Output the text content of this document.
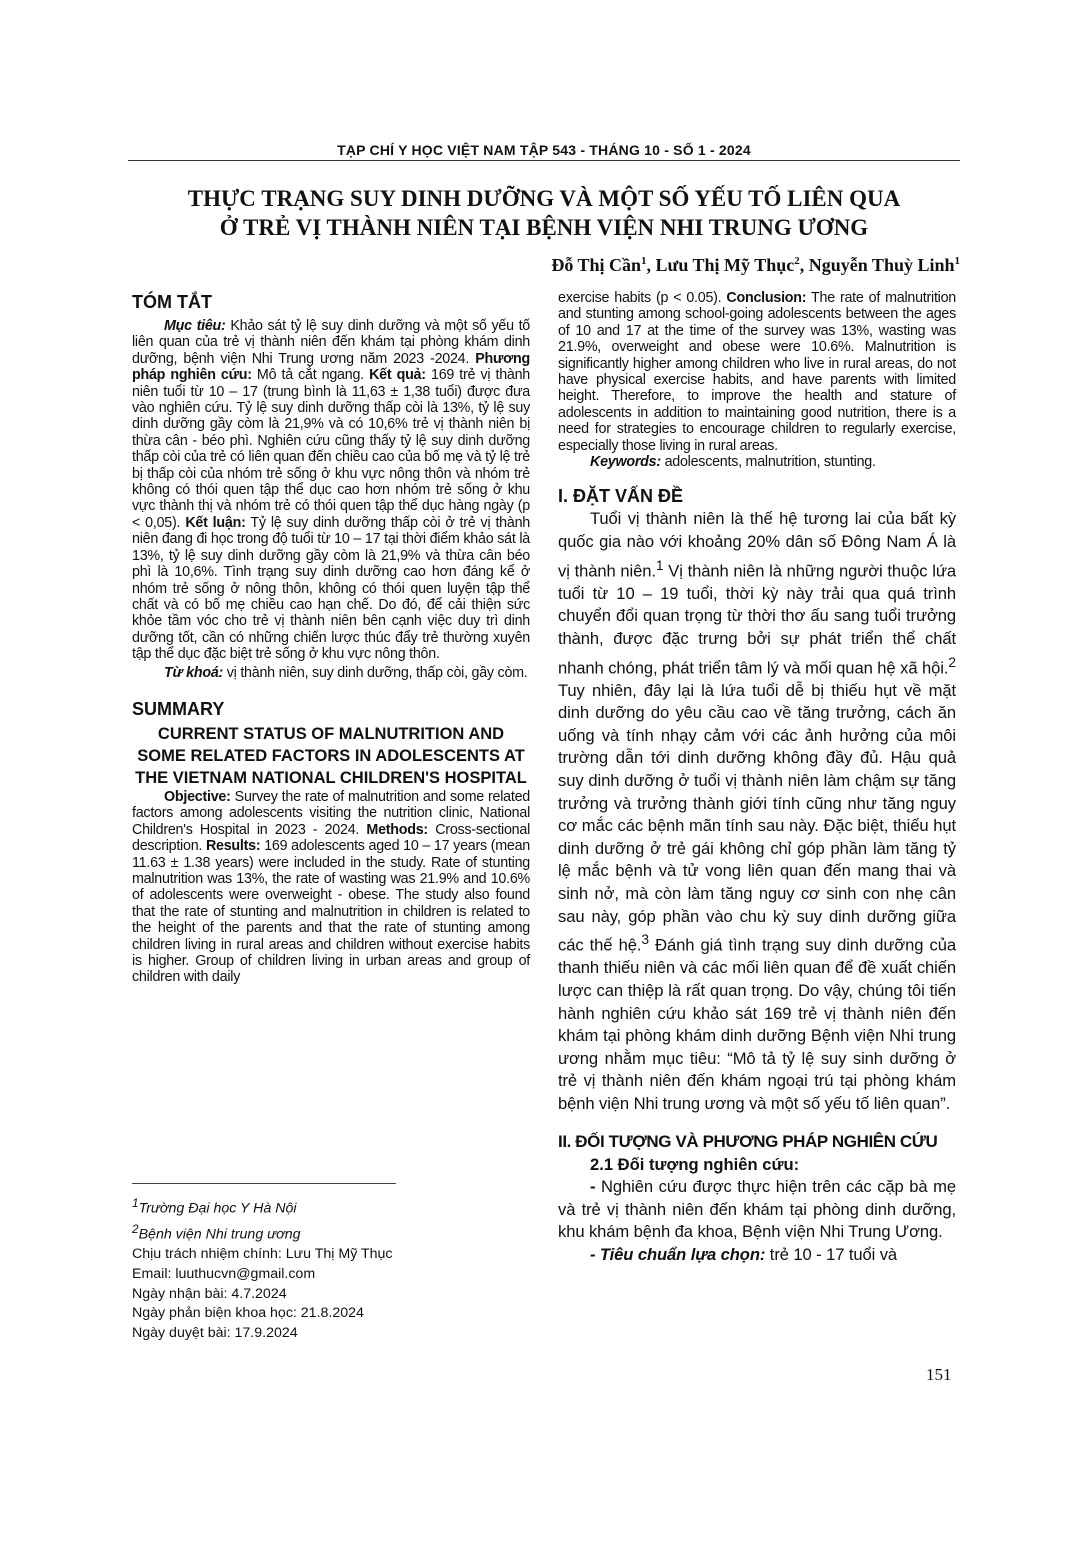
TẠP CHÍ Y HỌC VIỆT NAM TẬP 543 - THÁNG 10 - SỐ 1 - 2024
THỰC TRẠNG SUY DINH DƯỠNG VÀ MỘT SỐ YẾU TỐ LIÊN QUA
Ở TRẺ VỊ THÀNH NIÊN TẠI BỆNH VIỆN NHI TRUNG ƯƠNG
Đỗ Thị Cần$^1$, Lưu Thị Mỹ Thục$^2$, Nguyễn Thuỳ Linh$^1$
TÓM TẮT

Mục tiêu: Khảo sát tỷ lệ suy dinh dưỡng và một số yếu tố liên quan của trẻ vị thành niên đến khám tại phòng khám dinh dưỡng, bệnh viện Nhi Trung ương năm 2023 -2024. Phương pháp nghiên cứu: Mô tả cắt ngang. Kết quả: 169 trẻ vị thành niên tuổi từ 10 – 17 (trung bình là 11,63 ± 1,38 tuổi) được đưa vào nghiên cứu. Tỷ lệ suy dinh dưỡng thấp còi là 13%, tỷ lệ suy dinh dưỡng gầy còm là 21,9% và có 10,6% trẻ vị thành niên bị thừa cân - béo phì. Nghiên cứu cũng thấy tỷ lệ suy dinh dưỡng thấp còi của trẻ có liên quan đến chiều cao của bố mẹ và tỷ lệ trẻ bị thấp còi của nhóm trẻ sống ở khu vực nông thôn và nhóm trẻ không có thói quen tập thể dục cao hơn nhóm trẻ sống ở khu vực thành thị và nhóm trẻ có thói quen tập thể dục hàng ngày (p < 0,05). Kết luận: Tỷ lệ suy dinh dưỡng thấp còi ở trẻ vị thành niên đang đi học trong độ tuổi từ 10 – 17 tại thời điểm khảo sát là 13%, tỷ lệ suy dinh dưỡng gầy còm là 21,9% và thừa cân béo phì là 10,6%. Tình trạng suy dinh dưỡng cao hơn đáng kể ở nhóm trẻ sống ở nông thôn, không có thói quen luyện tập thể chất và có bố mẹ chiều cao hạn chế. Do đó, để cải thiện sức khỏe tầm vóc cho trẻ vị thành niên bên cạnh việc duy trì dinh dưỡng tốt, cần có những chiến lược thúc đẩy trẻ thường xuyên tập thể dục đặc biệt trẻ sống ở khu vực nông thôn.

Từ khoá: vị thành niên, suy dinh dưỡng, thấp còi, gầy còm.

SUMMARY
CURRENT STATUS OF MALNUTRITION AND SOME RELATED FACTORS IN ADOLESCENTS AT THE VIETNAM NATIONAL CHILDREN'S HOSPITAL

Objective: Survey the rate of malnutrition and some related factors among adolescents visiting the nutrition clinic, National Children's Hospital in 2023 - 2024. Methods: Cross-sectional description. Results: 169 adolescents aged 10 – 17 years (mean 11.63 ± 1.38 years) were included in the study. Rate of stunting malnutrition was 13%, the rate of wasting was 21.9% and 10.6% of adolescents were overweight - obese. The study also found that the rate of stunting and malnutrition in children is related to the height of the parents and that the rate of stunting among children living in rural areas and children without exercise habits is higher. Group of children living in urban areas and group of children with daily

$^1$Trường Đại học Y Hà Nội
$^2$Bệnh viện Nhi trung ương
Chịu trách nhiệm chính: Lưu Thị Mỹ Thục
Email: luuthucvn@gmail.com
Ngày nhận bài: 4.7.2024
Ngày phản biện khoa học: 21.8.2024
Ngày duyệt bài: 17.9.2024

exercise habits (p < 0.05). Conclusion: The rate of malnutrition and stunting among school-going adolescents between the ages of 10 and 17 at the time of the survey was 13%, wasting was 21.9%, overweight and obese were 10.6%. Malnutrition is significantly higher among children who live in rural areas, do not have physical exercise habits, and have parents with limited height. Therefore, to improve the health and stature of adolescents in addition to maintaining good nutrition, there is a need for strategies to encourage children to regularly exercise, especially those living in rural areas.

Keywords: adolescents, malnutrition, stunting.

I. ĐẶT VẤN ĐỀ

Tuổi vị thành niên là thế hệ tương lai của bất kỳ quốc gia nào với khoảng 20% dân số Đông Nam Á là vị thành niên.$^1$ Vị thành niên là những người thuộc lứa tuổi từ 10 – 19 tuổi, thời kỳ này trải qua quá trình chuyển đổi quan trọng từ thời thơ ấu sang tuổi trưởng thành, được đặc trưng bởi sự phát triển thể chất nhanh chóng, phát triển tâm lý và mối quan hệ xã hội.$^2$ Tuy nhiên, đây lại là lứa tuổi dễ bị thiếu hụt về mặt dinh dưỡng do yêu cầu cao về tăng trưởng, cách ăn uống và tính nhạy cảm với các ảnh hưởng của môi trường dẫn tới dinh dưỡng không đầy đủ. Hậu quả suy dinh dưỡng ở tuổi vị thành niên làm chậm sự tăng trưởng và trưởng thành giới tính cũng như tăng nguy cơ mắc các bệnh mãn tính sau này. Đặc biệt, thiếu hụt dinh dưỡng ở trẻ gái không chỉ góp phần làm tăng tỷ lệ mắc bệnh và tử vong liên quan đến mang thai và sinh nở, mà còn làm tăng nguy cơ sinh con nhẹ cân sau này, góp phần vào chu kỳ suy dinh dưỡng giữa các thế hệ.$^3$ Đánh giá tình trạng suy dinh dưỡng của thanh thiếu niên và các mối liên quan để đề xuất chiến lược can thiệp là rất quan trọng. Do vậy, chúng tôi tiến hành nghiên cứu khảo sát 169 trẻ vị thành niên đến khám tại phòng khám dinh dưỡng Bệnh viện Nhi trung ương nhằm mục tiêu: “Mô tả tỷ lệ suy sinh dưỡng ở trẻ vị thành niên đến khám ngoại trú tại phòng khám bệnh viện Nhi trung ương và một số yếu tố liên quan”.

II. ĐỐI TƯỢNG VÀ PHƯƠNG PHÁP NGHIÊN CỨU
2.1 Đối tượng nghiên cứu:

- Nghiên cứu được thực hiện trên các cặp bà mẹ và trẻ vị thành niên đến khám tại phòng dinh dưỡng, khu khám bệnh đa khoa, Bệnh viện Nhi Trung Ương.

- Tiêu chuẩn lựa chọn: trẻ 10 - 17 tuổi và

151
